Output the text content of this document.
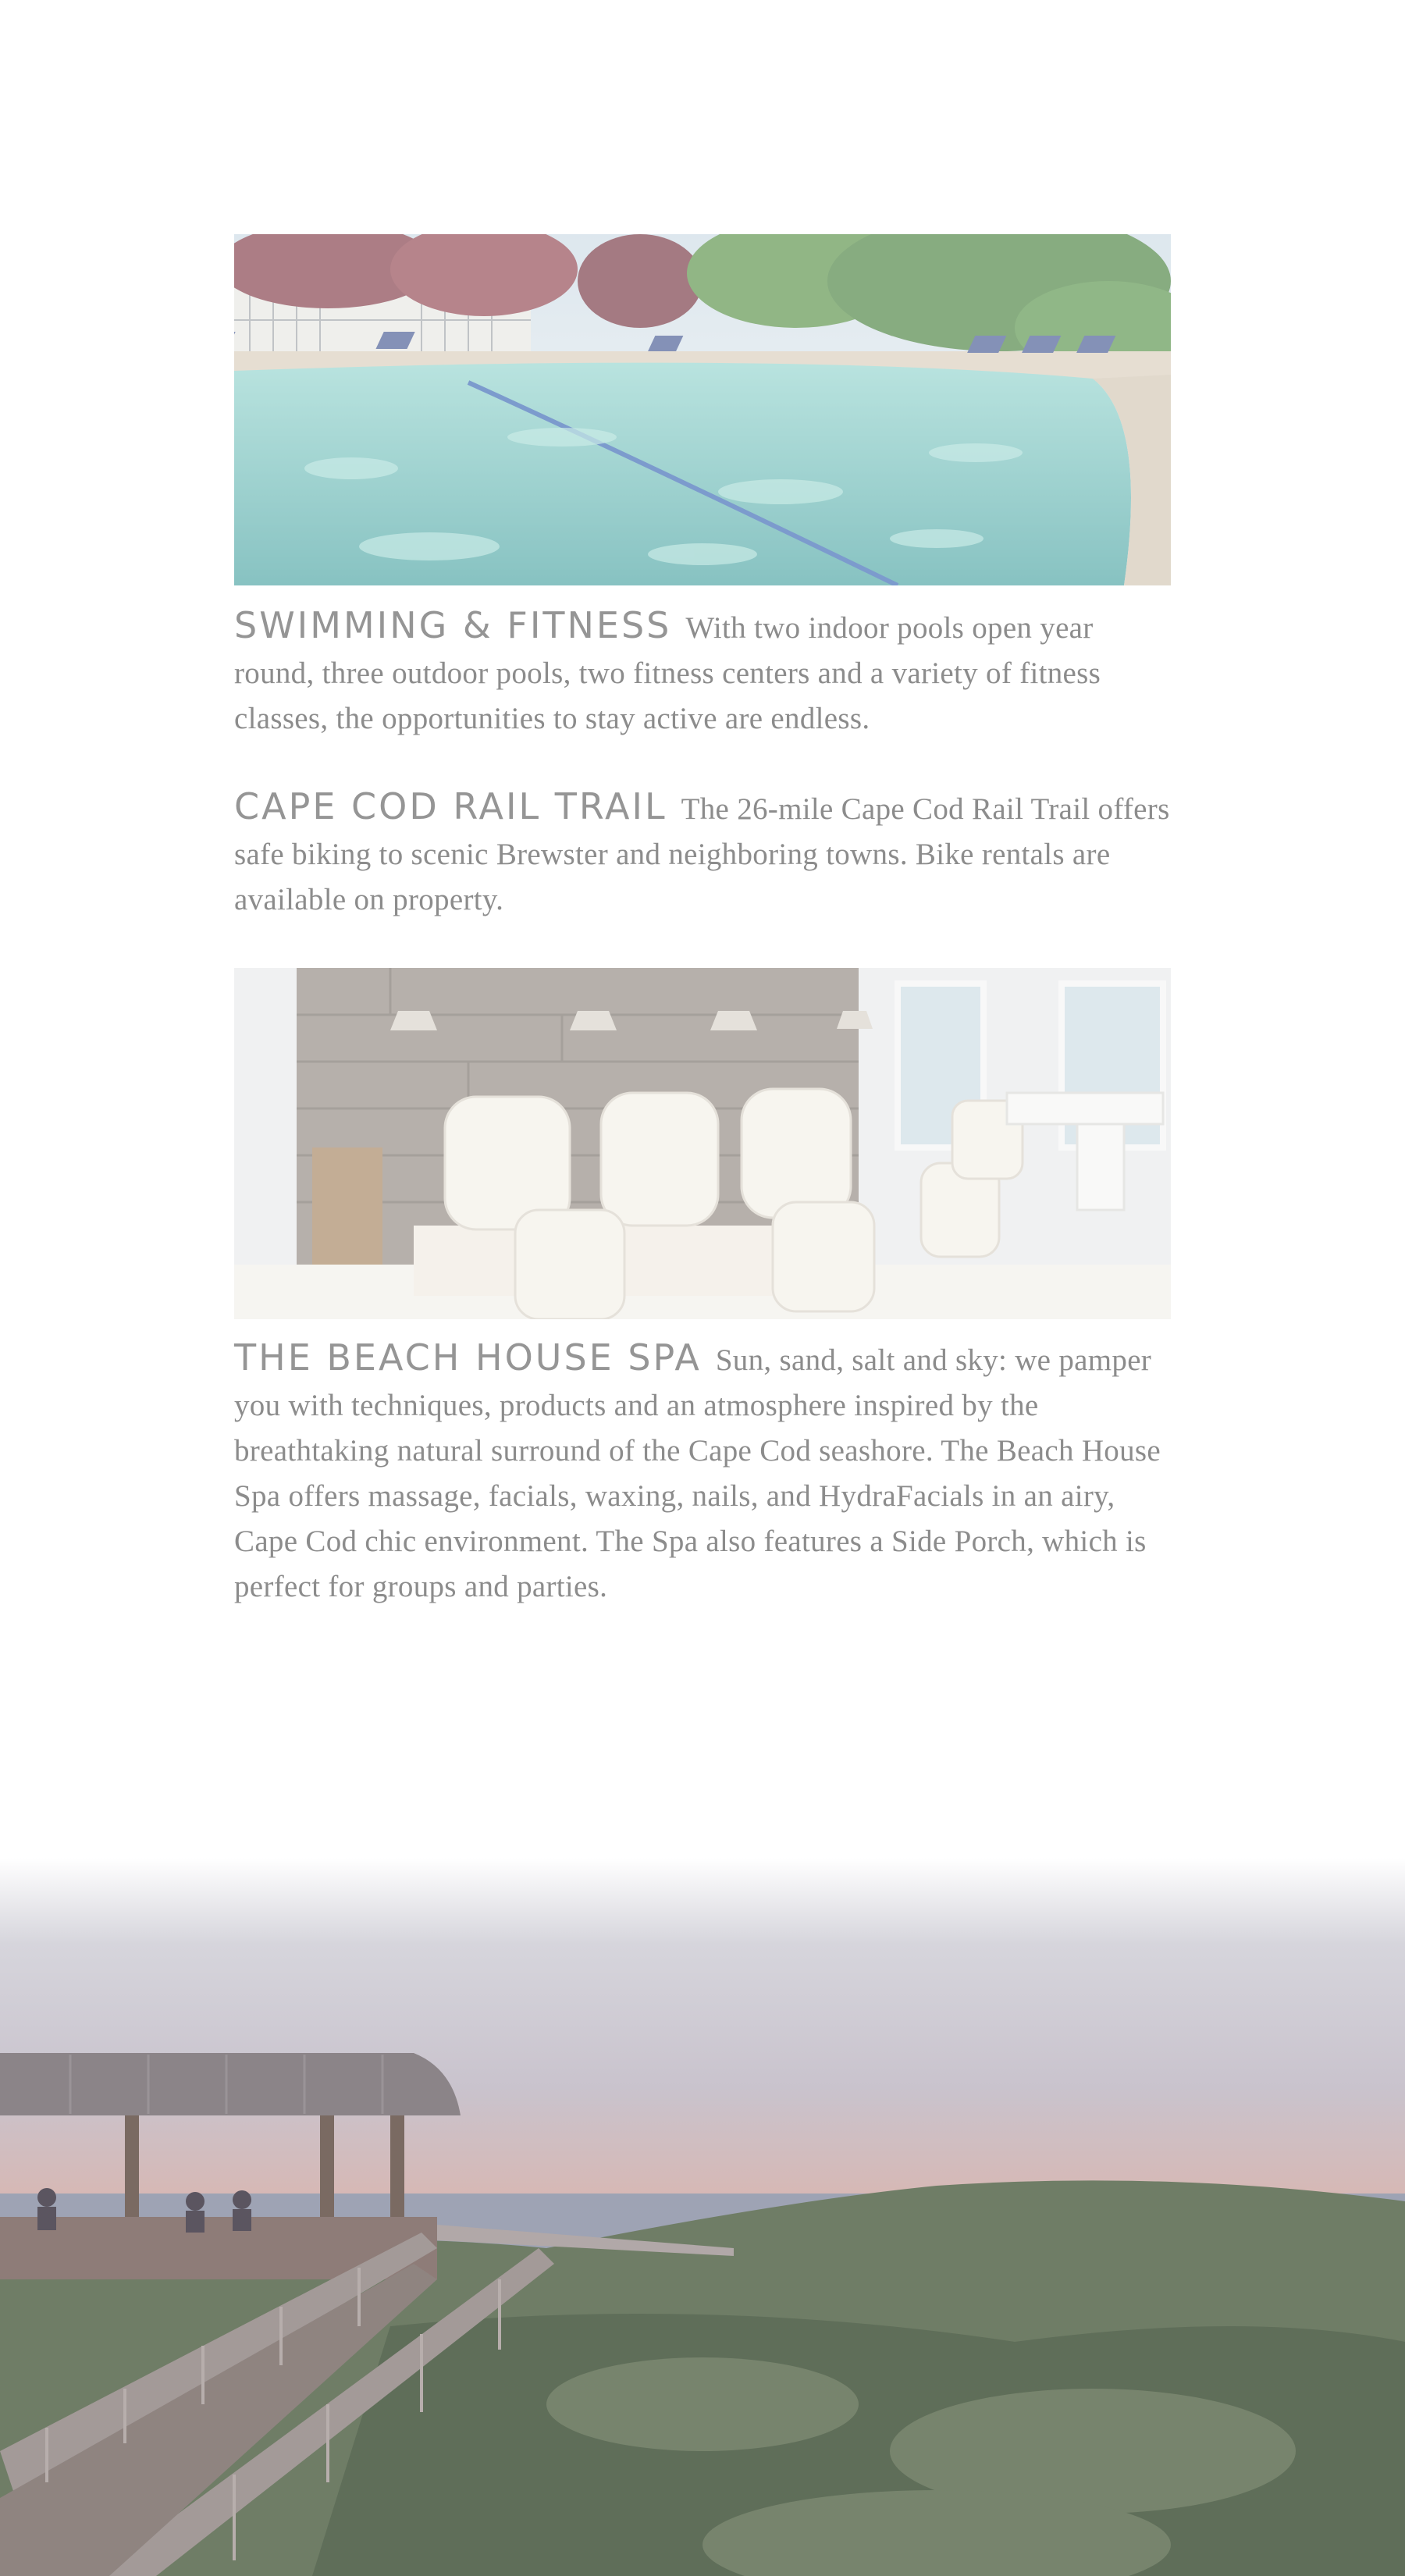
SWIMMING & FITNESS With two indoor pools open year round, three outdoor pools, two fitness centers and a variety of fitness classes, the opportunities to stay active are endless.

CAPE COD RAIL TRAIL The 26-mile Cape Cod Rail Trail offers safe biking to scenic Brewster and neighboring towns. Bike rentals are available on property.

THE BEACH HOUSE SPA Sun, sand, salt and sky: we pamper you with techniques, products and an atmosphere inspired by the breathtaking natural surround of the Cape Cod seashore. The Beach House Spa offers massage, facials, waxing, nails, and HydraFacials in an airy, Cape Cod chic environment. The Spa also features a Side Porch, which is perfect for groups and parties.
